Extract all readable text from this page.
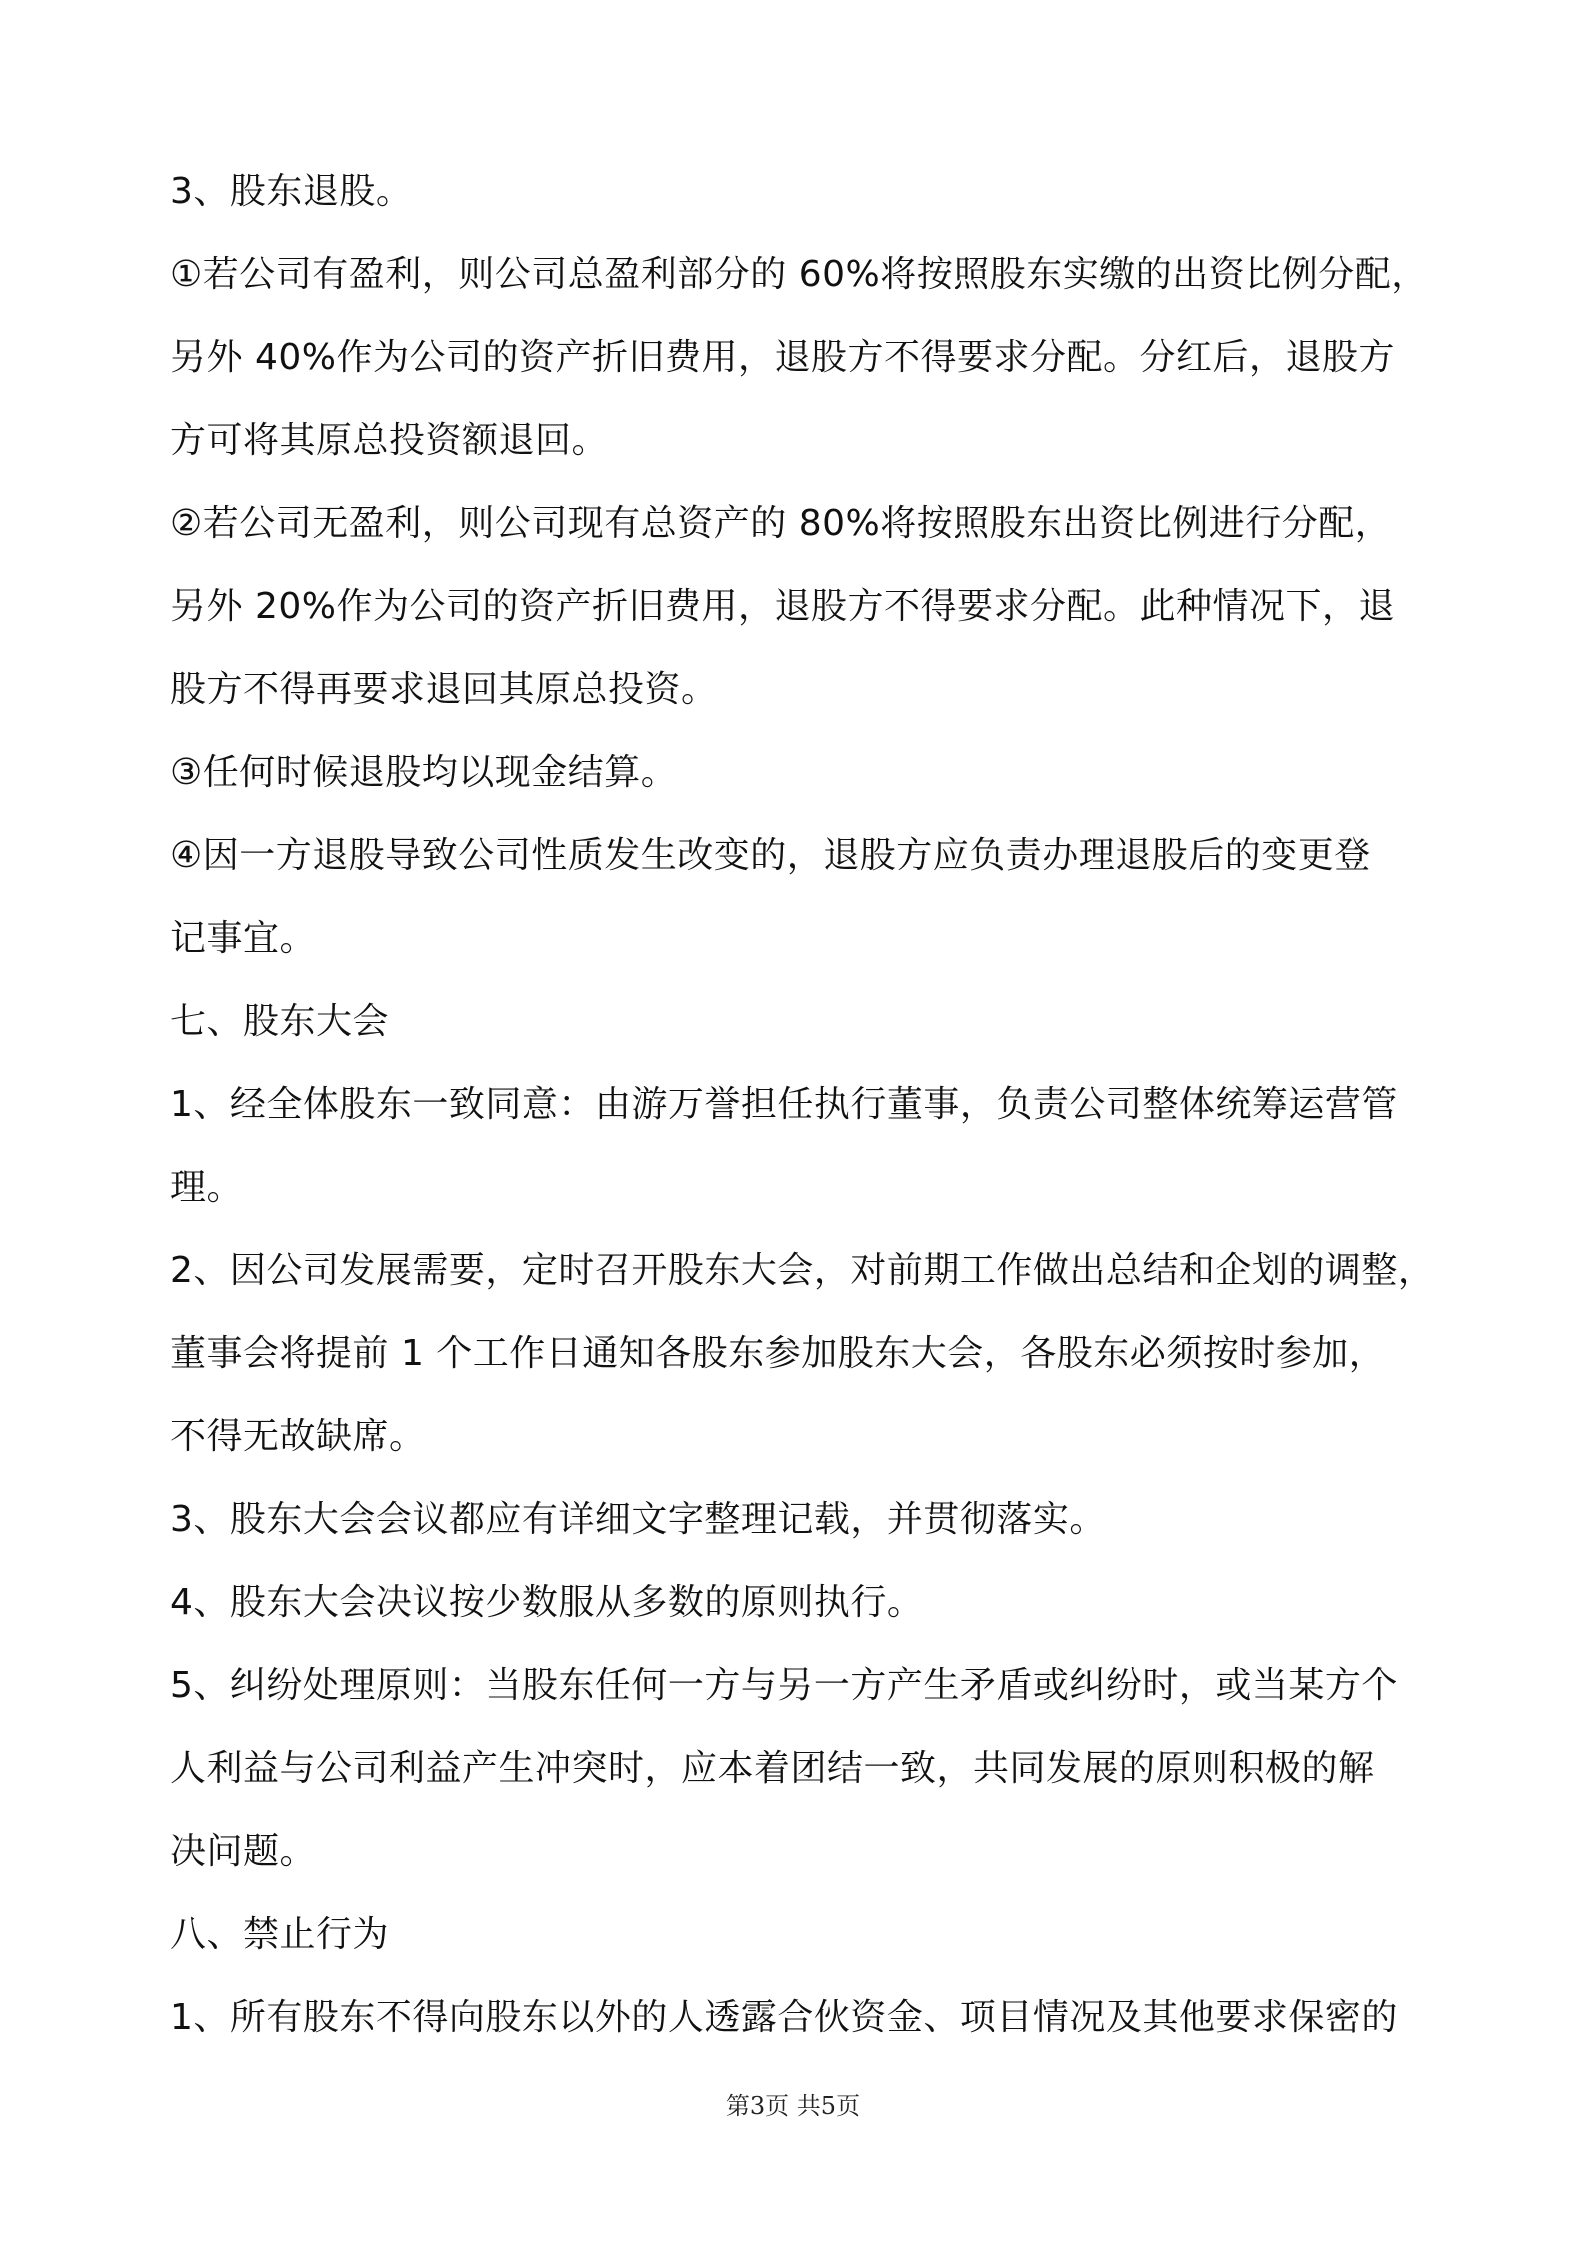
3、股东退股。
①若公司有盈利，则公司总盈利部分的 60%将按照股东实缴的出资比例分配，
另外 40%作为公司的资产折旧费用，退股方不得要求分配。分红后，退股方
方可将其原总投资额退回。
②若公司无盈利，则公司现有总资产的 80%将按照股东出资比例进行分配，
另外 20%作为公司的资产折旧费用，退股方不得要求分配。此种情况下，退
股方不得再要求退回其原总投资。
③任何时候退股均以现金结算。
④因一方退股导致公司性质发生改变的，退股方应负责办理退股后的变更登
记事宜。
七、股东大会
1、经全体股东一致同意：由游万誉担任执行董事，负责公司整体统筹运营管
理。
2、因公司发展需要，定时召开股东大会，对前期工作做出总结和企划的调整，
董事会将提前 1 个工作日通知各股东参加股东大会，各股东必须按时参加，
不得无故缺席。
3、股东大会会议都应有详细文字整理记载，并贯彻落实。
4、股东大会决议按少数服从多数的原则执行。
5、纠纷处理原则：当股东任何一方与另一方产生矛盾或纠纷时，或当某方个
人利益与公司利益产生冲突时，应本着团结一致，共同发展的原则积极的解
决问题。
八、禁止行为
1、所有股东不得向股东以外的人透露合伙资金、项目情况及其他要求保密的
第3页 共5页
